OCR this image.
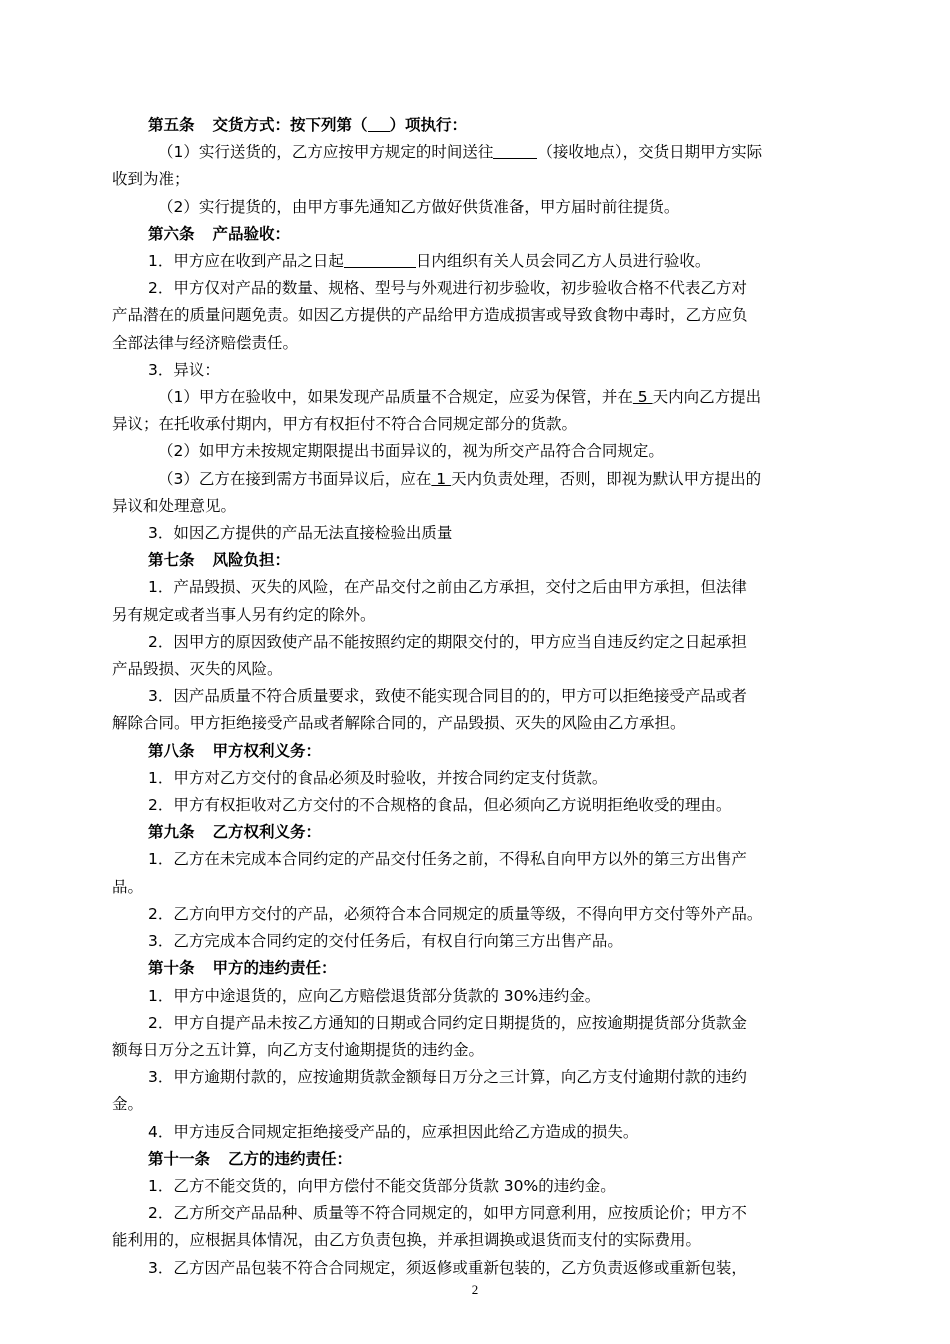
第五条 交货方式：按下列第（ ）项执行：
（1）实行送货的，乙方应按甲方规定的时间送往	（接收地点），交货日期甲方实际
收到为准；
（2）实行提货的，由甲方事先通知乙方做好供货准备，甲方届时前往提货。
第六条 产品验收：
1．甲方应在收到产品之日起	日内组织有关人员会同乙方人员进行验收。
2．甲方仅对产品的数量、规格、型号与外观进行初步验收，初步验收合格不代表乙方对
产品潜在的质量问题免责。如因乙方提供的产品给甲方造成损害或导致食物中毒时，乙方应负
全部法律与经济赔偿责任。
3．异议：
（1）甲方在验收中，如果发现产品质量不合规定，应妥为保管，并在 5 天内向乙方提出
异议；在托收承付期内，甲方有权拒付不符合合同规定部分的货款。
（2）如甲方未按规定期限提出书面异议的，视为所交产品符合合同规定。
（3）乙方在接到需方书面异议后，应在 1 天内负责处理，否则，即视为默认甲方提出的
异议和处理意见。
3．如因乙方提供的产品无法直接检验出质量
第七条 风险负担：
1．产品毁损、灭失的风险，在产品交付之前由乙方承担，交付之后由甲方承担，但法律
另有规定或者当事人另有约定的除外。
2．因甲方的原因致使产品不能按照约定的期限交付的，甲方应当自违反约定之日起承担
产品毁损、灭失的风险。
3．因产品质量不符合质量要求，致使不能实现合同目的的，甲方可以拒绝接受产品或者
解除合同。甲方拒绝接受产品或者解除合同的，产品毁损、灭失的风险由乙方承担。
第八条 甲方权利义务：
1．甲方对乙方交付的食品必须及时验收，并按合同约定支付货款。
2．甲方有权拒收对乙方交付的不合规格的食品，但必须向乙方说明拒绝收受的理由。
第九条 乙方权利义务：
1．乙方在未完成本合同约定的产品交付任务之前，不得私自向甲方以外的第三方出售产
品。
2．乙方向甲方交付的产品，必须符合本合同规定的质量等级，不得向甲方交付等外产品。
3．乙方完成本合同约定的交付任务后，有权自行向第三方出售产品。
第十条 甲方的违约责任：
1．甲方中途退货的，应向乙方赔偿退货部分货款的 30%违约金。
2．甲方自提产品未按乙方通知的日期或合同约定日期提货的，应按逾期提货部分货款金
额每日万分之五计算，向乙方支付逾期提货的违约金。
3．甲方逾期付款的，应按逾期货款金额每日万分之三计算，向乙方支付逾期付款的违约
金。
4．甲方违反合同规定拒绝接受产品的，应承担因此给乙方造成的损失。
第十一条 乙方的违约责任：
1．乙方不能交货的，向甲方偿付不能交货部分货款 30%的违约金。
2．乙方所交产品品种、质量等不符合同规定的，如甲方同意利用，应按质论价；甲方不
能利用的，应根据具体情况，由乙方负责包换，并承担调换或退货而支付的实际费用。
3．乙方因产品包装不符合合同规定，须返修或重新包装的，乙方负责返修或重新包装，
2
